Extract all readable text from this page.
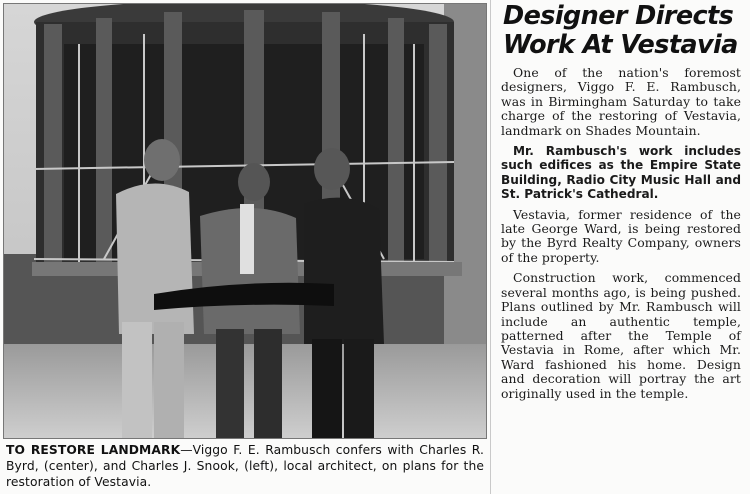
TO RESTORE LANDMARK—Viggo F. E. Rambusch confers with Charles R. Byrd, (center), and Charles J. Snook, (left), local architect, on plans for the restoration of Vestavia.
Designer Directs
Work At Vestavia

One of the nation's foremost designers, Viggo F. E. Rambusch, was in Birmingham Saturday to take charge of the restoring of Vestavia, landmark on Shades Mountain.

Mr. Rambusch's work includes such edifices as the Empire State Building, Radio City Music Hall and St. Patrick's Cathedral.

Vestavia, former residence of the late George Ward, is being restored by the Byrd Realty Company, owners of the property.

Construction work, commenced several months ago, is being pushed. Plans outlined by Mr. Rambusch will include an authentic temple, patterned after the Temple of Vestavia in Rome, after which Mr. Ward fashioned his home. Design and decoration will portray the art originally used in the temple.
